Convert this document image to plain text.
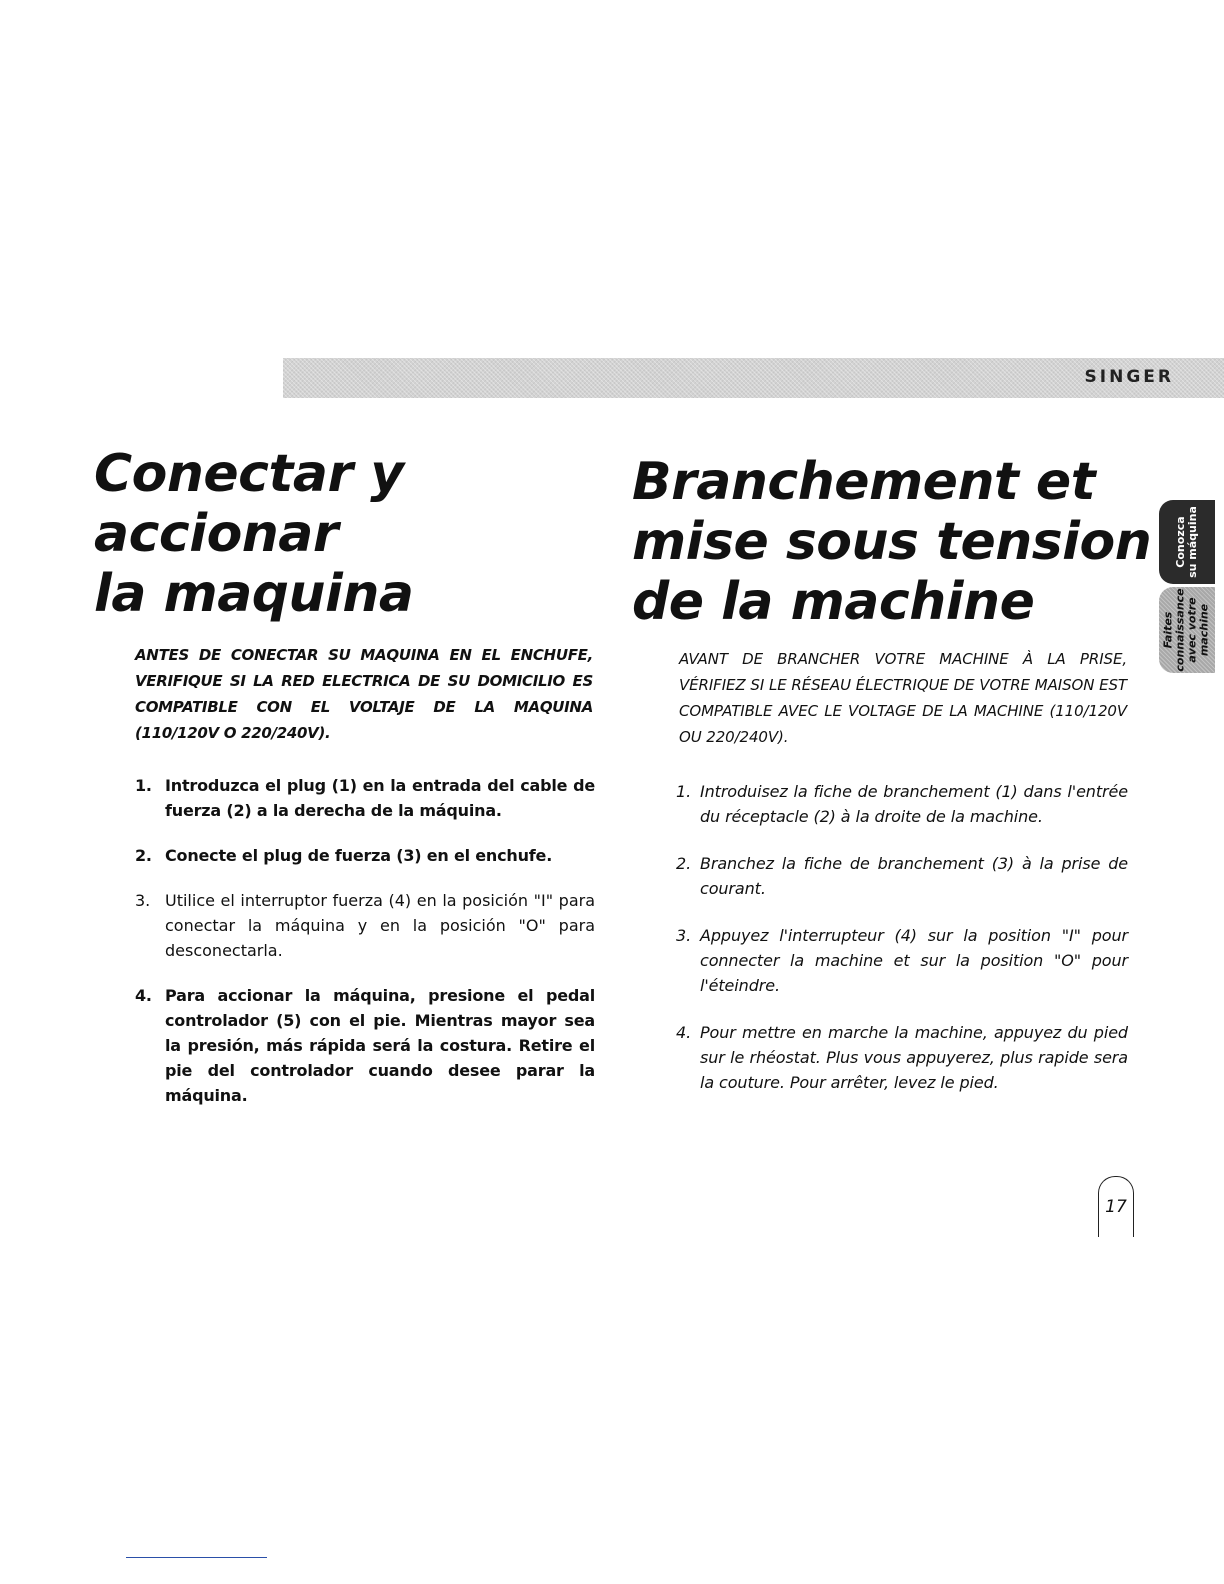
SINGER
Conozca
su máquina
Faites
connaissance
avec votre
machine
Conectar y
accionar
la maquina
Branchement et
mise sous tension
de la machine

ANTES DE CONECTAR SU MAQUINA EN EL ENCHUFE, VERIFIQUE SI LA RED ELECTRICA DE SU DOMICILIO ES COMPATIBLE CON EL VOLTAJE DE LA MAQUINA (110/120V O 220/240V).

AVANT DE BRANCHER VOTRE MACHINE À LA PRISE, VÉRIFIEZ SI LE RÉSEAU ÉLECTRIQUE DE VOTRE MAISON EST COMPATIBLE AVEC LE VOLTAGE DE LA MACHINE (110/120V OU 220/240V).

1. Introduzca el plug (1) en la entrada del cable de fuerza (2) a la derecha de la máquina.
2. Conecte el plug de fuerza (3) en el enchufe.
3. Utilice el interruptor fuerza (4) en la posición "I" para conectar la máquina y en la posición "O" para desconectarla.
4. Para accionar la máquina, presione el pedal controlador (5) con el pie. Mientras mayor sea la presión, más rápida será la costura. Retire el pie del controlador cuando desee parar la máquina.
1. Introduisez la fiche de branchement (1) dans l'entrée du réceptacle (2) à la droite de la machine.
2. Branchez la fiche de branchement (3) à la prise de courant.
3. Appuyez l'interrupteur (4) sur la position "I" pour connecter la machine et sur la position "O" pour l'éteindre.
4. Pour mettre en marche la machine, appuyez du pied sur le rhéostat. Plus vous appuyerez, plus rapide sera la couture. Pour arrêter, levez le pied.
17
